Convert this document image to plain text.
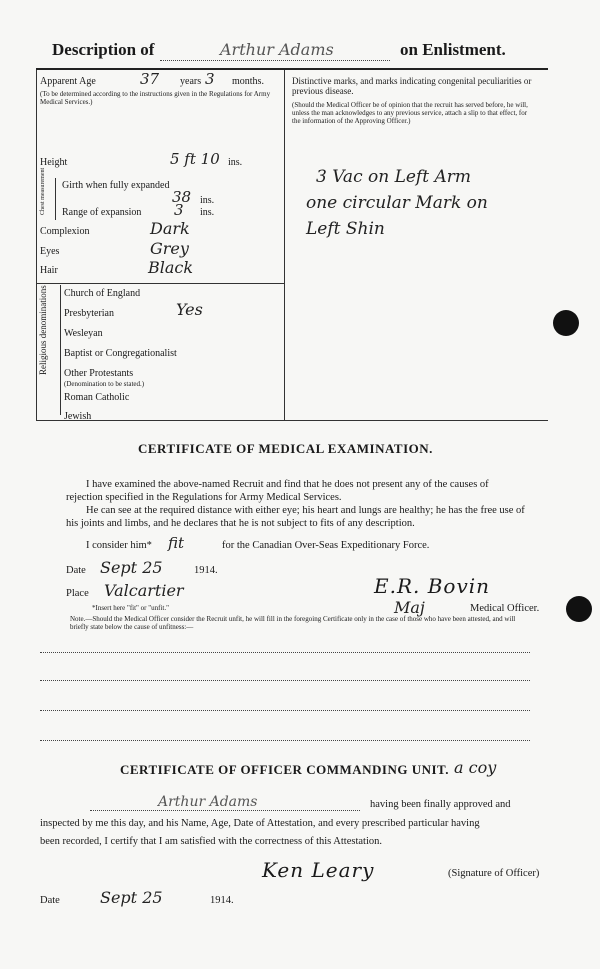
Description of	Arthur Adams	on Enlistment.
Apparent Age	37 years 3 months.
(To be determined according to the instructions given in the Regulations for Army Medical Services.)
Height	5 ft 10 ins.
Chest measurement Girth when fully expanded
38 ins.
Range of expansion 3 ins.
Complexion	Dark
Eyes	Grey
Hair	Black
Religious denominations Church of England
Presbyterian	Yes
Wesleyan
Baptist or Congregationalist
Other Protestants
(Denomination to be stated.)
Roman Catholic
Jewish
Distinctive marks, and marks indicating congenital peculiarities or previous disease.
(Should the Medical Officer be of opinion that the recruit has served before, he will, unless the man acknowledges to any previous service, attach a slip to that effect, for the information of the Approving Officer.)
3 Vac on Left Arm
one circular Mark on
Left Shin
CERTIFICATE OF MEDICAL EXAMINATION.
I have examined the above-named Recruit and find that he does not present any of the causes of rejection specified in the Regulations for Army Medical Services.
He can see at the required distance with either eye; his heart and lungs are healthy; he has the free use of his joints and limbs, and he declares that he is not subject to fits of any description.
I consider him* fit	for the Canadian Over-Seas Expeditionary Force.
Date Sept 25	1914.
Place Valcartier	E.R. Bovin
Maj	Medical Officer.
*Insert here "fit" or "unfit."
Note.—Should the Medical Officer consider the Recruit unfit, he will fill in the foregoing Certificate only in the case of those who have been attested, and will briefly state below the cause of unfitness:—
CERTIFICATE OF OFFICER COMMANDING UNIT. a coy
Arthur Adams	having been finally approved and
inspected by me this day, and his Name, Age, Date of Attestation, and every prescribed particular having
been recorded, I certify that I am satisfied with the correctness of this Attestation.
Ken Leary	(Signature of Officer)
Date	Sept 25	1914.
